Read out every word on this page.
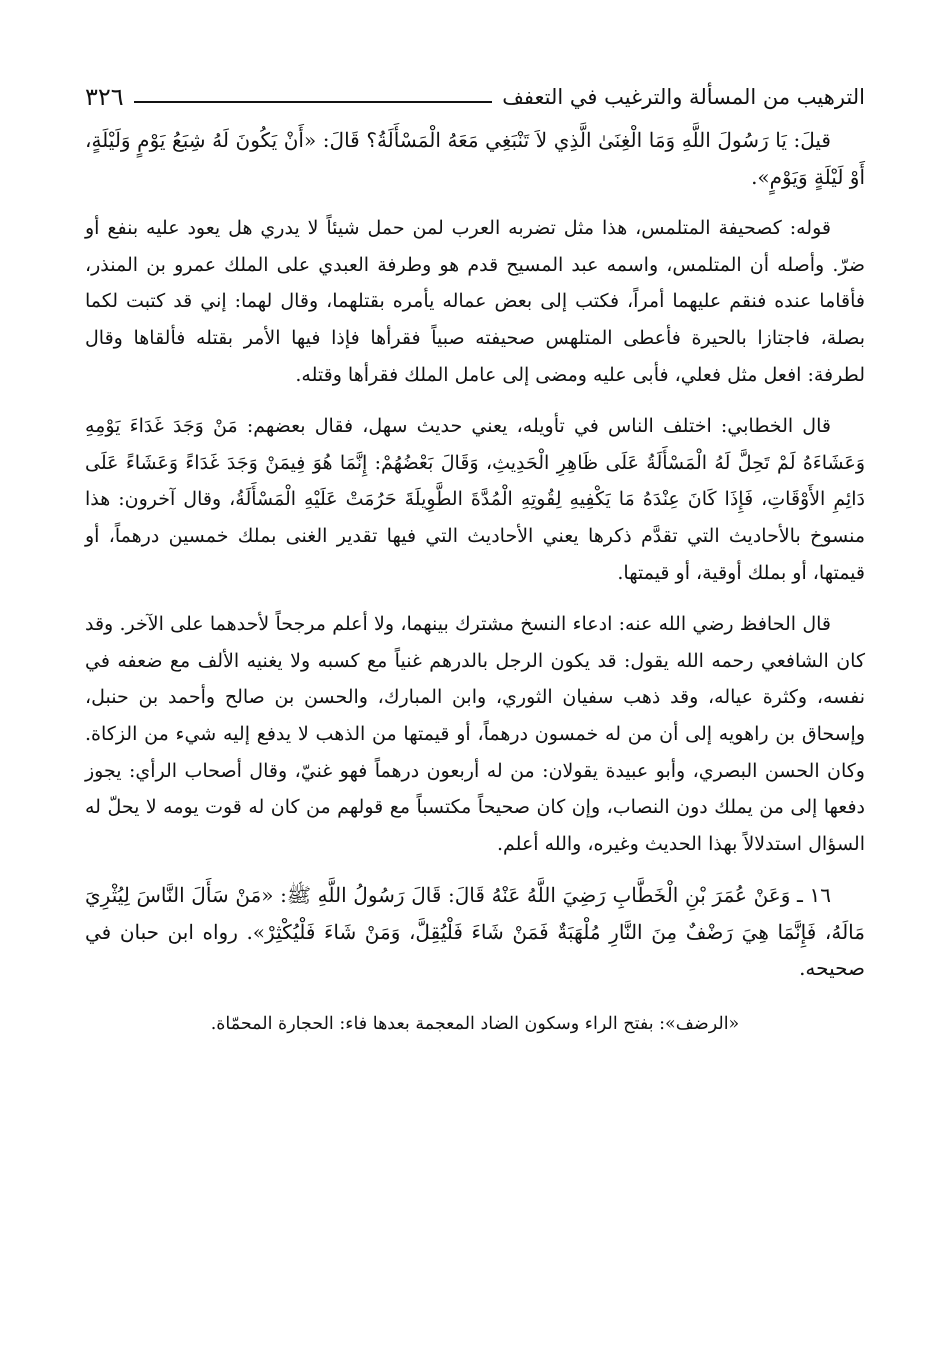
الترهيب من المسألة والترغيب في التعفف
٣٢٦

قيلَ: يَا رَسُولَ اللَّهِ وَمَا الْغِنَىٰ الَّذِي لاَ تَنْبَغِي مَعَهُ الْمَسْأَلَةُ؟ قَالَ: «أَنْ يَكُونَ لَهُ شِبَعُ يَوْمٍ وَلَيْلَةٍ، أَوْ لَيْلَةٍ وَيَوْمٍ».

قوله: كصحيفة المتلمس، هذا مثل تضربه العرب لمن حمل شيئاً لا يدري هل يعود عليه بنفع أو ضرّ. وأصله أن المتلمس، واسمه عبد المسيح قدم هو وطرفة العبدي على الملك عمرو بن المنذر، فأقاما عنده فنقم عليهما أمراً، فكتب إلى بعض عماله يأمره بقتلهما، وقال لهما: إني قد كتبت لكما بصلة، فاجتازا بالحيرة فأعطى المتلهس صحيفته صبياً فقرأها فإذا فيها الأمر بقتله فألقاها وقال لطرفة: افعل مثل فعلي، فأبى عليه ومضى إلى عامل الملك فقرأها وقتله.

قال الخطابي: اختلف الناس في تأويله، يعني حديث سهل، فقال بعضهم: مَنْ وَجَدَ غَدَاءَ يَوْمِهِ وَعَشَاءَهُ لَمْ تَحِلَّ لَهُ الْمَسْأَلَةُ عَلَى ظَاهِرِ الْحَدِيثِ، وَقَالَ بَعْضُهُمْ: إِنَّمَا هُوَ فِيمَنْ وَجَدَ غَدَاءً وَعَشَاءً عَلَى دَائِمِ الأَوْقَاتِ، فَإِذَا كَانَ عِنْدَهُ مَا يَكْفِيهِ لِقُوتِهِ الْمُدَّةَ الطَّوِيلَةَ حَرُمَتْ عَلَيْهِ الْمَسْأَلَةُ، وقال آخرون: هذا منسوخ بالأحاديث التي تقدَّم ذكرها يعني الأحاديث التي فيها تقدير الغنى بملك خمسين درهماً، أو قيمتها، أو بملك أوقية، أو قيمتها.

قال الحافظ رضي الله عنه: ادعاء النسخ مشترك بينهما، ولا أعلم مرجحاً لأحدهما على الآخر. وقد كان الشافعي رحمه الله يقول: قد يكون الرجل بالدرهم غنياً مع كسبه ولا يغنيه الألف مع ضعفه في نفسه، وكثرة عياله، وقد ذهب سفيان الثوري، وابن المبارك، والحسن بن صالح وأحمد بن حنبل، وإسحاق بن راهويه إلى أن من له خمسون درهماً، أو قيمتها من الذهب لا يدفع إليه شيء من الزكاة. وكان الحسن البصري، وأبو عبيدة يقولان: من له أربعون درهماً فهو غنيّ، وقال أصحاب الرأي: يجوز دفعها إلى من يملك دون النصاب، وإن كان صحيحاً مكتسباً مع قولهم من كان له قوت يومه لا يحلّ له السؤال استدلالاً بهذا الحديث وغيره، والله أعلم.

١٦ ـ وَعَنْ عُمَرَ بْنِ الْخَطَّابِ رَضِيَ اللَّهُ عَنْهُ قَالَ: قَالَ رَسُولُ اللَّهِ ﷺ: «مَنْ سَأَلَ النَّاسَ لِيُثْرِيَ مَالَهُ، فَإِنَّمَا هِيَ رَضْفٌ مِنَ النَّارِ مُلْهَبَةٌ فَمَنْ شَاءَ فَلْيُقِلَّ، وَمَنْ شَاءَ فَلْيُكْثِرْ». رواه ابن حبان في صحيحه.

«الرضف»: بفتح الراء وسكون الضاد المعجمة بعدها فاء: الحجارة المحمّاة.
